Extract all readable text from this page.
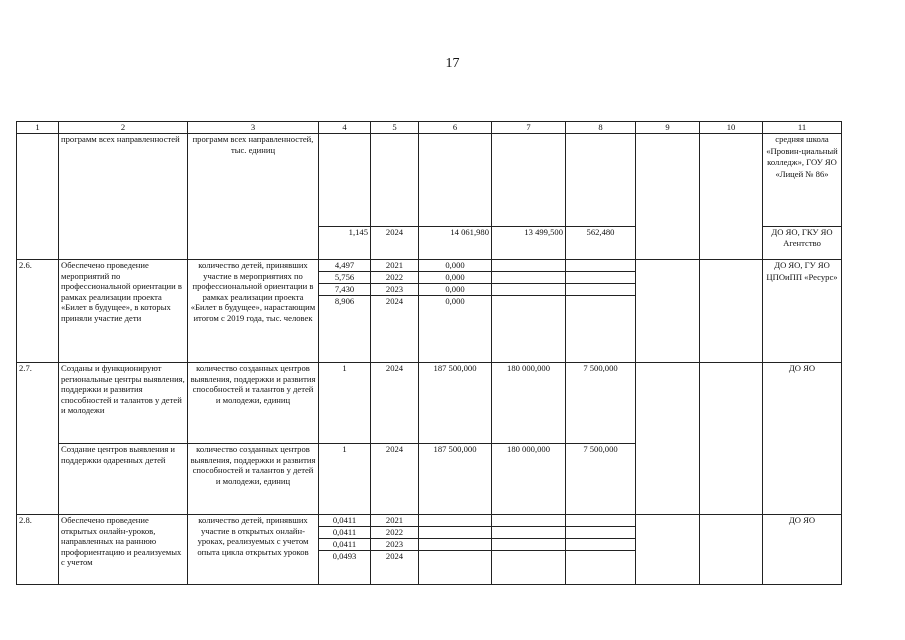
17
1	2	3	4	5	6	7	8	9	10	11
	программ всех направленностей	программ всех направленностей, тыс. единиц								средняя школа «Провин-циальный колледж», ГОУ ЯО «Лицей № 86»
			1,145	2024	14 061,980	13 499,500	562,480			ДО ЯО, ГКУ ЯО Агентство
2.6.	Обеспечено проведение мероприятий по профессиональной ориентации в рамках реализации проекта «Билет в будущее», в которых приняли участие дети	количество детей, принявших участие в мероприятиях по профессиональной ориентации в рамках реализации проекта «Билет в будущее», нарастающим итогом с 2019 года, тыс. человек	4,497	2021	0,000					ДО ЯО, ГУ ЯО ЦПОиПП «Ресурс»
			5,756	2022	0,000					
			7,430	2023	0,000					
			8,906	2024	0,000					
2.7.	Созданы и функционируют региональные центры выявления, поддержки и развития способностей и талантов у детей и молодежи	количество созданных центров выявления, поддержки и развития способностей и талантов у детей и молодежи, единиц	1	2024	187 500,000	180 000,000	7 500,000			ДО ЯО
	Создание центров выявления и поддержки одаренных детей	количество созданных центров выявления, поддержки и развития способностей и талантов у детей и молодежи, единиц	1	2024	187 500,000	180 000,000	7 500,000			
2.8.	Обеспечено проведение открытых онлайн-уроков, направленных на раннюю профориентацию и реализуемых с учетом	количество детей, принявших участие в открытых онлайн-уроках, реализуемых с учетом опыта цикла открытых уроков	0,0411	2021						ДО ЯО
			0,0411	2022						
			0,0411	2023						
			0,0493	2024						
